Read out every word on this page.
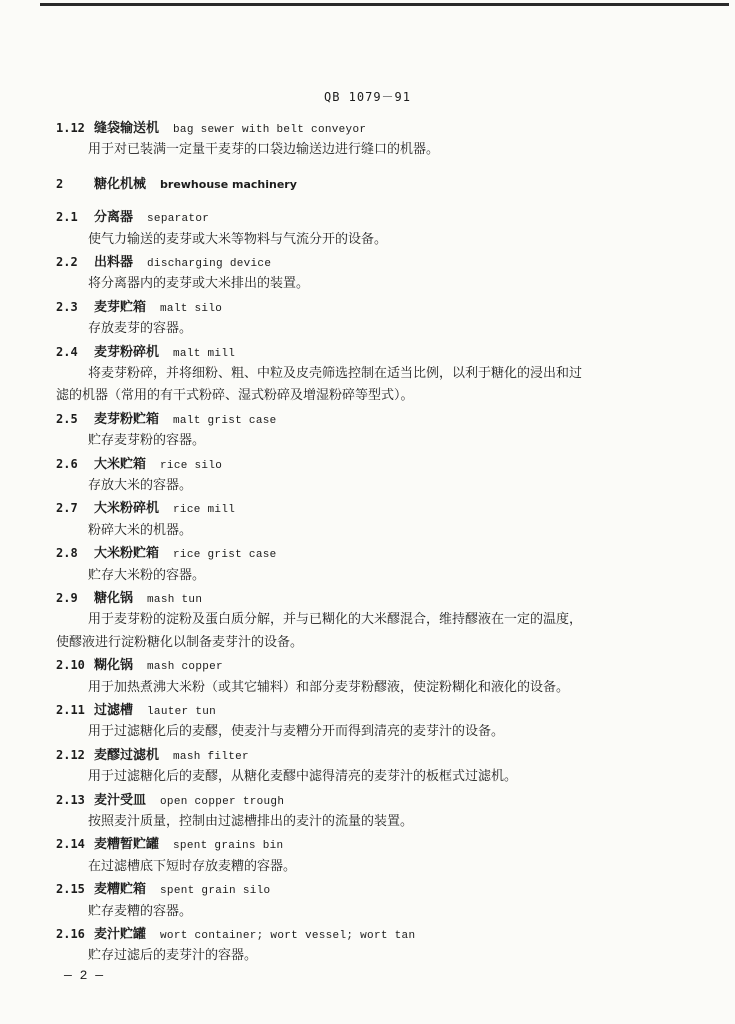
QB 1079－91
1.12 缝袋输送机 bag sewer with belt conveyor
用于对已装满一定量干麦芽的口袋边输送边进行缝口的机器。
2	糖化机械 brewhouse machinery
2.1	分离器 separator
使气力输送的麦芽或大米等物料与气流分开的设备。
2.2	出料器 discharging device
将分离器内的麦芽或大米排出的装置。
2.3	麦芽贮箱 malt silo
存放麦芽的容器。
2.4	麦芽粉碎机 malt mill
将麦芽粉碎，并将细粉、粗、中粒及皮壳筛选控制在适当比例，以利于糖化的浸出和过
滤的机器（常用的有干式粉碎、湿式粉碎及增湿粉碎等型式）。
2.5	麦芽粉贮箱 malt grist case
贮存麦芽粉的容器。
2.6	大米贮箱 rice silo
存放大米的容器。
2.7	大米粉碎机 rice mill
粉碎大米的机器。
2.8	大米粉贮箱 rice grist case
贮存大米粉的容器。
2.9	糖化锅 mash tun
用于麦芽粉的淀粉及蛋白质分解，并与已糊化的大米醪混合，维持醪液在一定的温度，
使醪液进行淀粉糖化以制备麦芽汁的设备。
2.10 糊化锅 mash copper
用于加热煮沸大米粉（或其它辅料）和部分麦芽粉醪液，使淀粉糊化和液化的设备。
2.11 过滤槽 lauter tun
用于过滤糖化后的麦醪，使麦汁与麦糟分开而得到清亮的麦芽汁的设备。
2.12 麦醪过滤机 mash filter
用于过滤糖化后的麦醪，从糖化麦醪中滤得清亮的麦芽汁的板框式过滤机。
2.13 麦汁受皿 open copper trough
按照麦汁质量，控制由过滤槽排出的麦汁的流量的装置。
2.14 麦糟暂贮罐 spent grains bin
在过滤槽底下短时存放麦糟的容器。
2.15 麦糟贮箱 spent grain silo
贮存麦糟的容器。
2.16 麦汁贮罐 wort container; wort vessel; wort tan
贮存过滤后的麦芽汁的容器。
— 2 —
